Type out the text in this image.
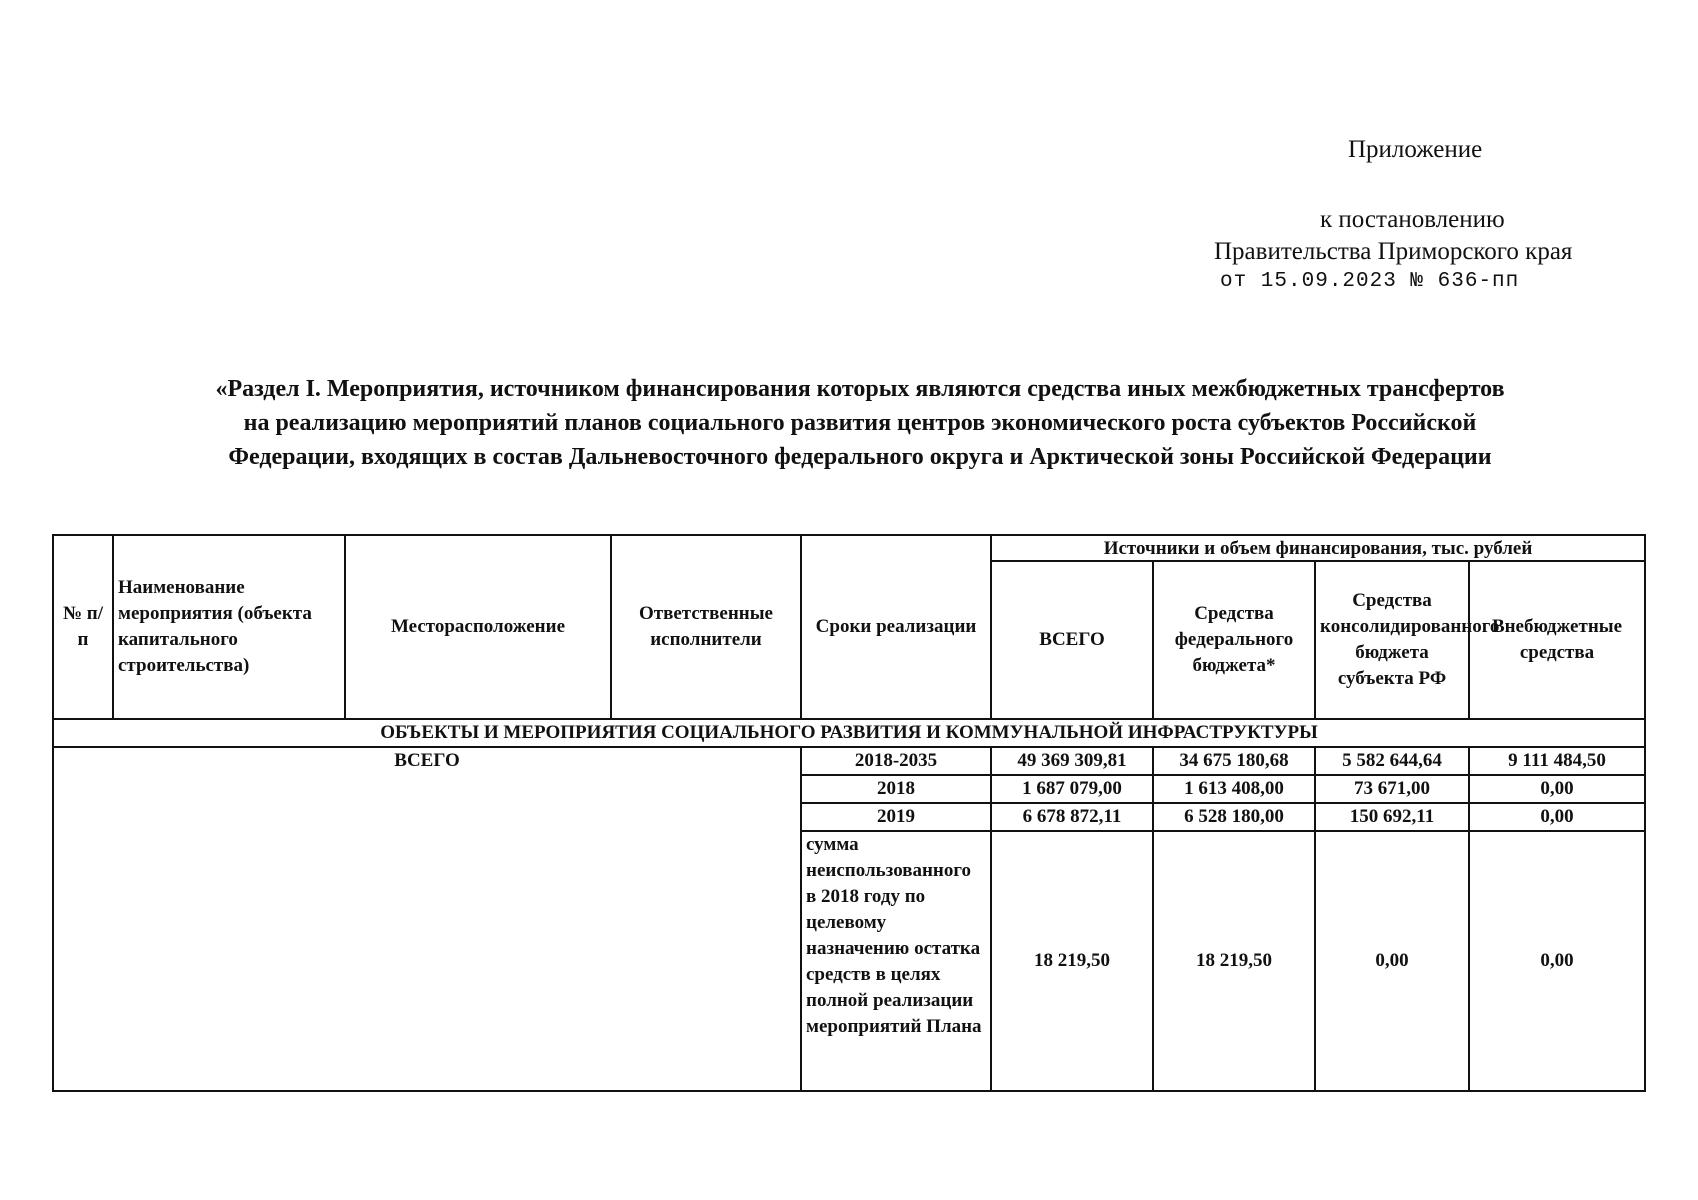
Приложение
к постановлению
Правительства Приморского края
от 15.09.2023 № 636-пп
«Раздел I. Мероприятия, источником финансирования которых являются средства иных межбюджетных трансфертов
на реализацию мероприятий планов социального развития центров экономического роста субъектов Российской
Федерации, входящих в состав Дальневосточного федерального округа и Арктической зоны Российской Федерации
№ п/п	Наименование мероприятия (объекта капитального строительства)	Месторасположение	Ответственные исполнители	Сроки реализации	Источники и объем финансирования, тыс. рублей			
					ВСЕГО	Средства федерального бюджета*	Средства консолидированного бюджета субъекта РФ	Внебюджетные средства
ОБЪЕКТЫ И МЕРОПРИЯТИЯ СОЦИАЛЬНОГО РАЗВИТИЯ И КОММУНАЛЬНОЙ ИНФРАСТРУКТУРЫ								
ВСЕГО				2018-2035	49 369 309,81	34 675 180,68	5 582 644,64	9 111 484,50
				2018	1 687 079,00	1 613 408,00	73 671,00	0,00
				2019	6 678 872,11	6 528 180,00	150 692,11	0,00
				сумма неиспользованного в 2018 году по целевому назначению остатка средств в целях полной реализации мероприятий Плана	18 219,50	18 219,50	0,00	0,00
